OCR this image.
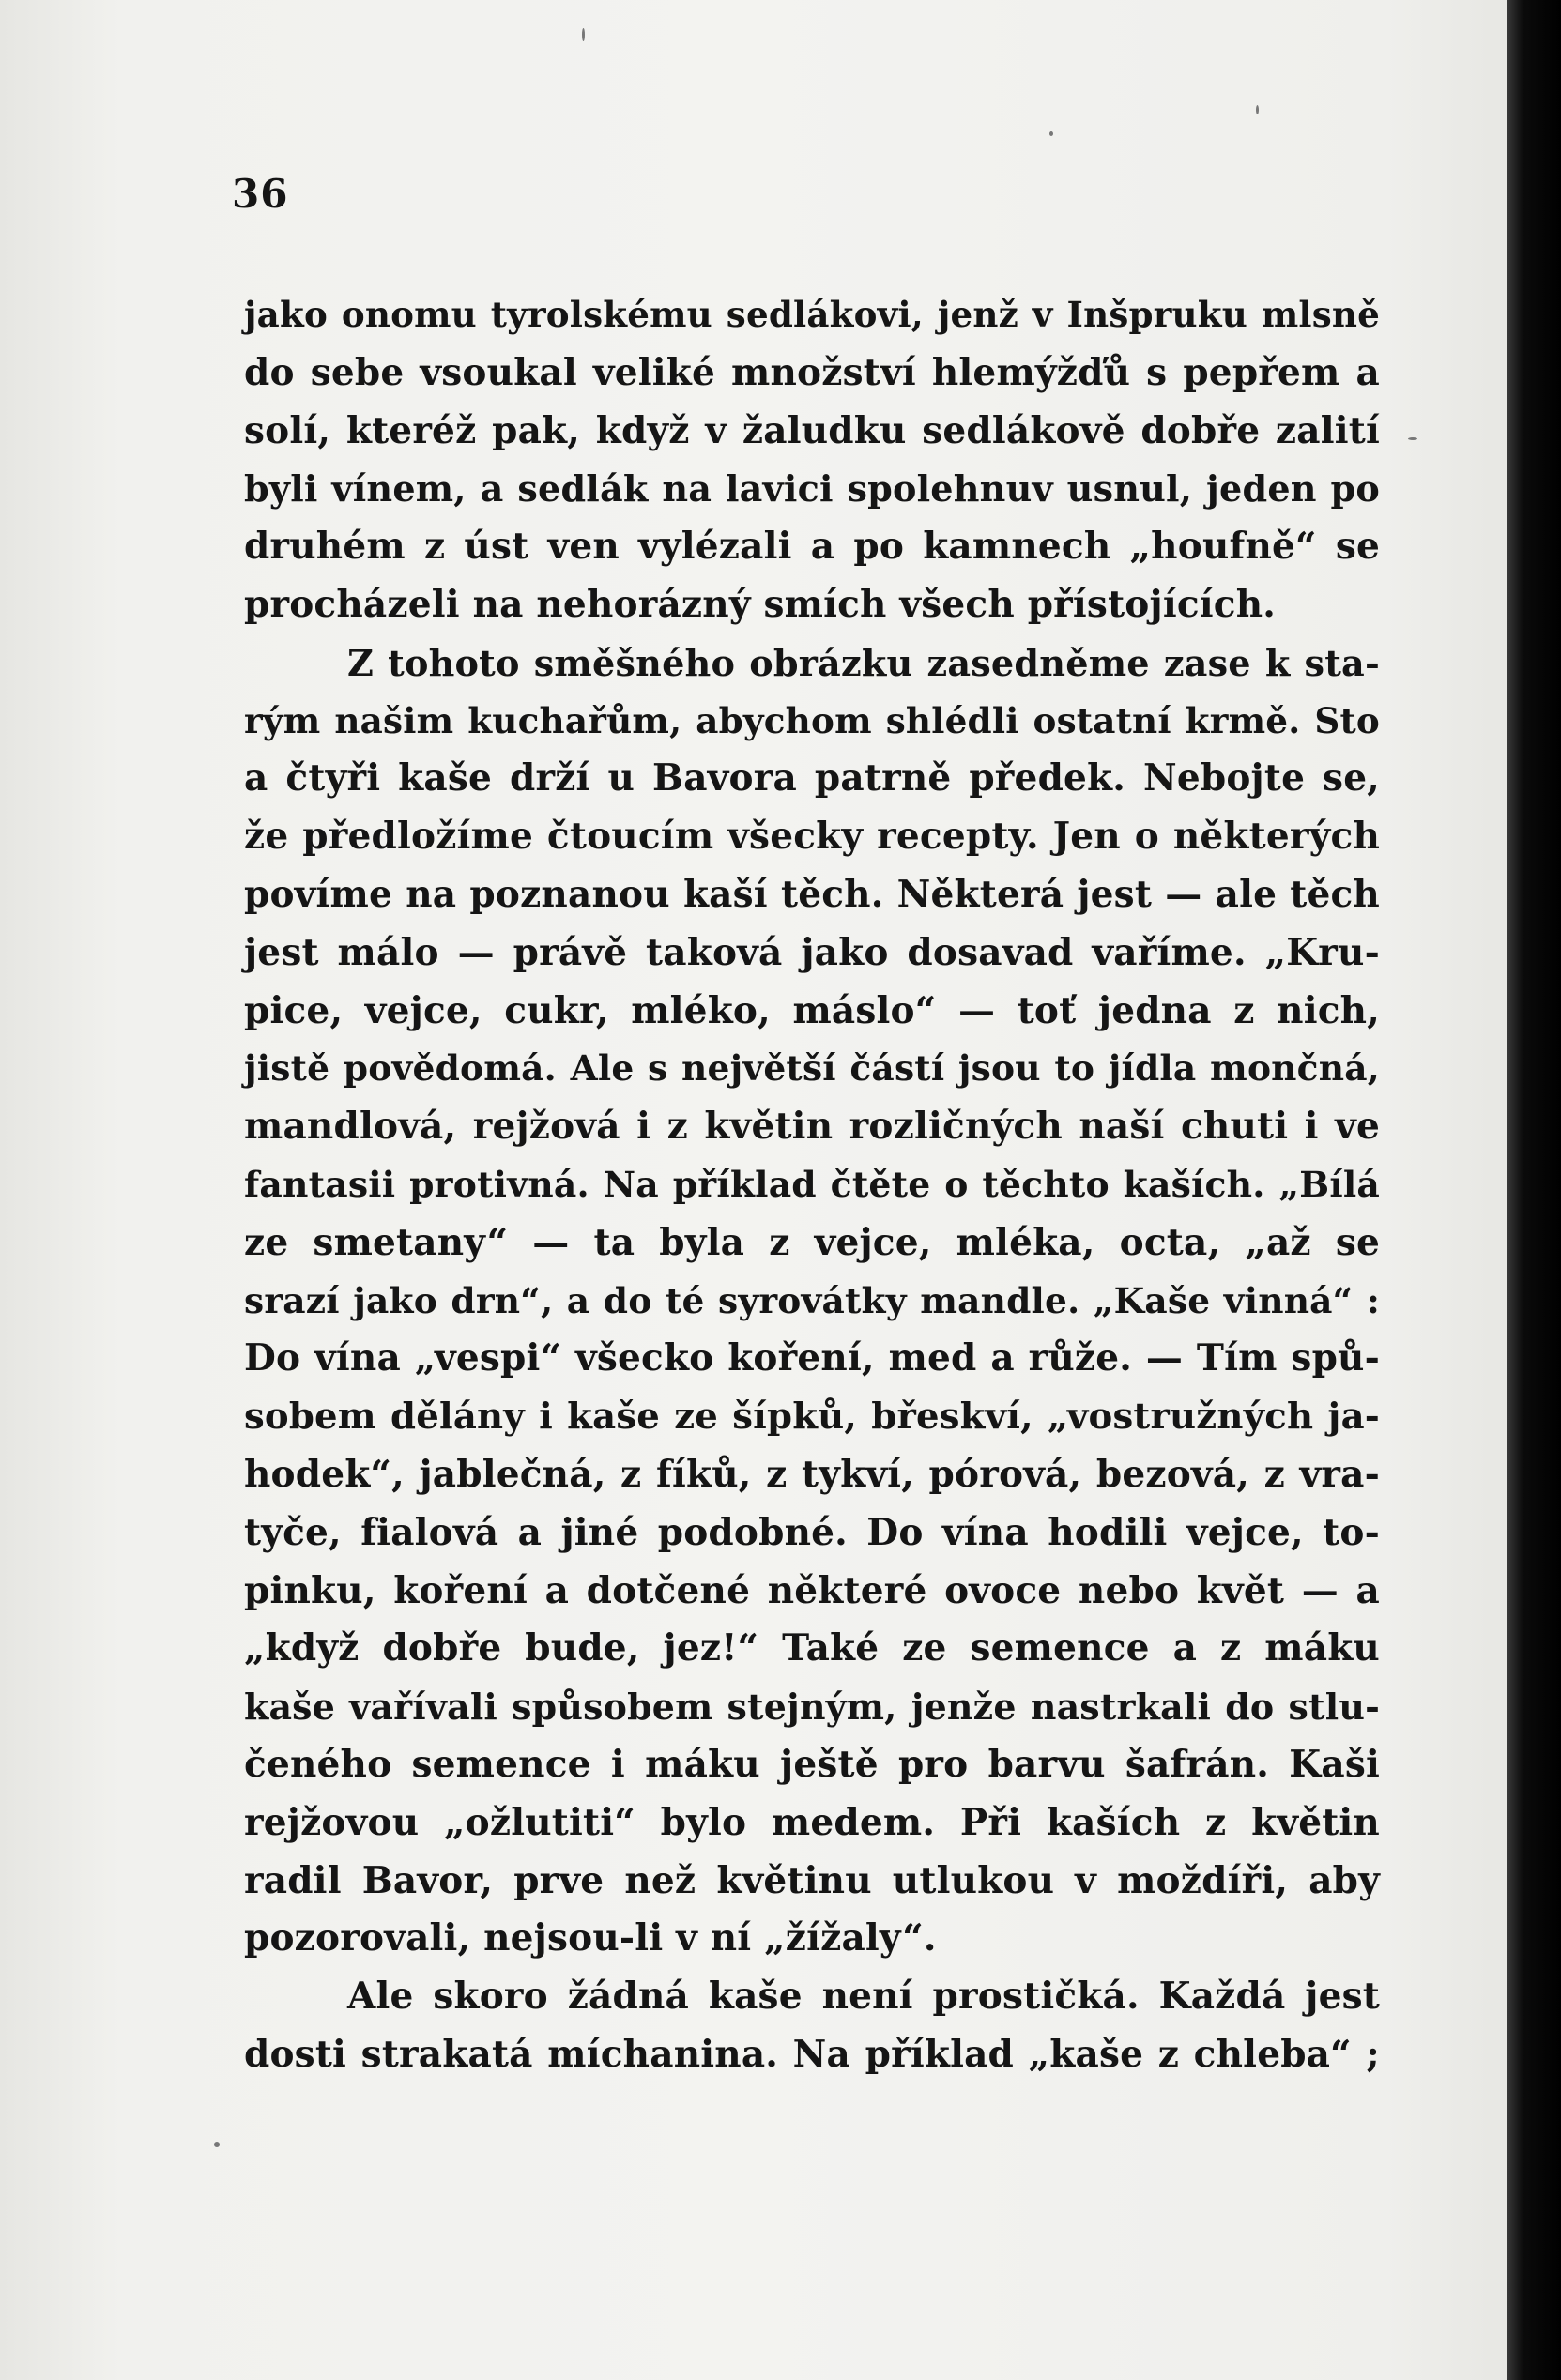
36
jako onomu tyrolskému sedlákovi, jenž v Inšpruku mlsně
do sebe vsoukal veliké množství hlemýžďů s pepřem a
solí, kteréž pak, když v žaludku sedlákově dobře zalití
byli vínem, a sedlák na lavici spolehnuv usnul, jeden po
druhém z úst ven vylézali a po kamnech „houfně“ se
procházeli na nehorázný smích všech přístojících.
Z tohoto směšného obrázku zasedněme zase k sta-
rým našim kuchařům, abychom shlédli ostatní krmě. Sto
a čtyři kaše drží u Bavora patrně předek. Nebojte se,
že předložíme čtoucím všecky recepty. Jen o některých
povíme na poznanou kaší těch. Některá jest — ale těch
jest málo — právě taková jako dosavad vaříme. „Kru-
pice, vejce, cukr, mléko, máslo“ — toť jedna z nich,
jistě povědomá. Ale s největší částí jsou to jídla mončná,
mandlová, rejžová i z květin rozličných naší chuti i ve
fantasii protivná. Na příklad čtěte o těchto kaších. „Bílá
ze smetany“ — ta byla z vejce, mléka, octa, „až se
srazí jako drn“, a do té syrovátky mandle. „Kaše vinná“ :
Do vína „vespi“ všecko koření, med a růže. — Tím spů-
sobem dělány i kaše ze šípků, břeskví, „vostružných ja-
hodek“, jablečná, z fíků, z tykví, pórová, bezová, z vra-
tyče, fialová a jiné podobné. Do vína hodili vejce, to-
pinku, koření a dotčené některé ovoce nebo květ — a
„když dobře bude, jez!“ Také ze semence a z máku
kaše vařívali spůsobem stejným, jenže nastrkali do stlu-
čeného semence i máku ještě pro barvu šafrán. Kaši
rejžovou „ožlutiti“ bylo medem. Při kaších z květin
radil Bavor, prve než květinu utlukou v moždíři, aby
pozorovali, nejsou-li v ní „žížaly“.
Ale skoro žádná kaše není prostičká. Každá jest
dosti strakatá míchanina. Na příklad „kaše z chleba“ ;
